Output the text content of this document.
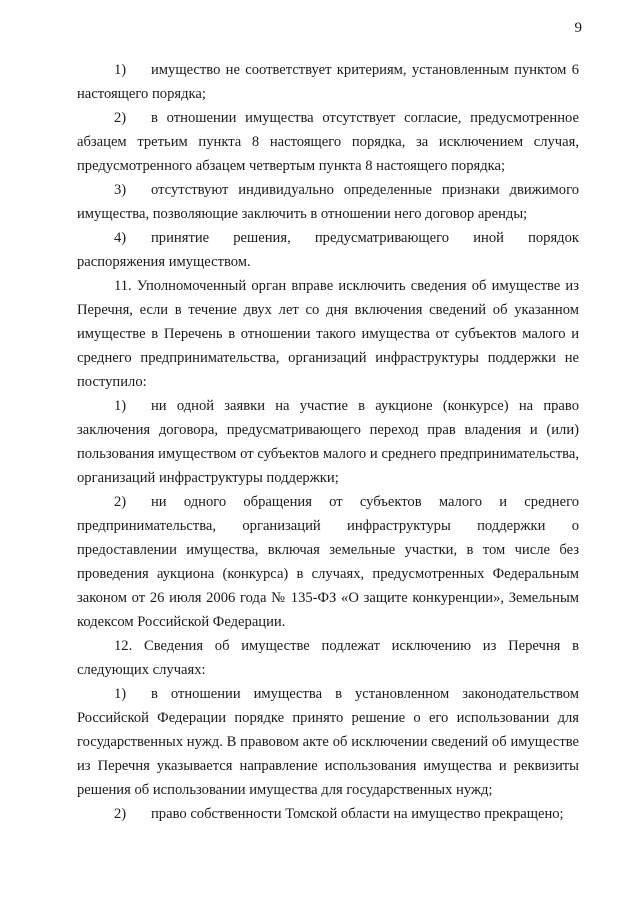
9

1) имущество не соответствует критериям, установленным пунктом 6 настоящего порядка;

2) в отношении имущества отсутствует согласие, предусмотренное абзацем третьим пункта 8 настоящего порядка, за исключением случая, предусмотренного абзацем четвертым пункта 8 настоящего порядка;

3) отсутствуют индивидуально определенные признаки движимого имущества, позволяющие заключить в отношении него договор аренды;

4) принятие решения, предусматривающего иной порядок распоряжения имуществом.

11. Уполномоченный орган вправе исключить сведения об имуществе из Перечня, если в течение двух лет со дня включения сведений об указанном имуществе в Перечень в отношении такого имущества от субъектов малого и среднего предпринимательства, организаций инфраструктуры поддержки не поступило:

1) ни одной заявки на участие в аукционе (конкурсе) на право заключения договора, предусматривающего переход прав владения и (или) пользования имуществом от субъектов малого и среднего предпринимательства, организаций инфраструктуры поддержки;

2) ни одного обращения от субъектов малого и среднего предпринимательства, организаций инфраструктуры поддержки о предоставлении имущества, включая земельные участки, в том числе без проведения аукциона (конкурса) в случаях, предусмотренных Федеральным законом от 26 июля 2006 года № 135-ФЗ «О защите конкуренции», Земельным кодексом Российской Федерации.

12. Сведения об имуществе подлежат исключению из Перечня в следующих случаях:

1) в отношении имущества в установленном законодательством Российской Федерации порядке принято решение о его использовании для государственных нужд. В правовом акте об исключении сведений об имуществе из Перечня указывается направление использования имущества и реквизиты решения об использовании имущества для государственных нужд;

2) право собственности Томской области на имущество прекращено;
